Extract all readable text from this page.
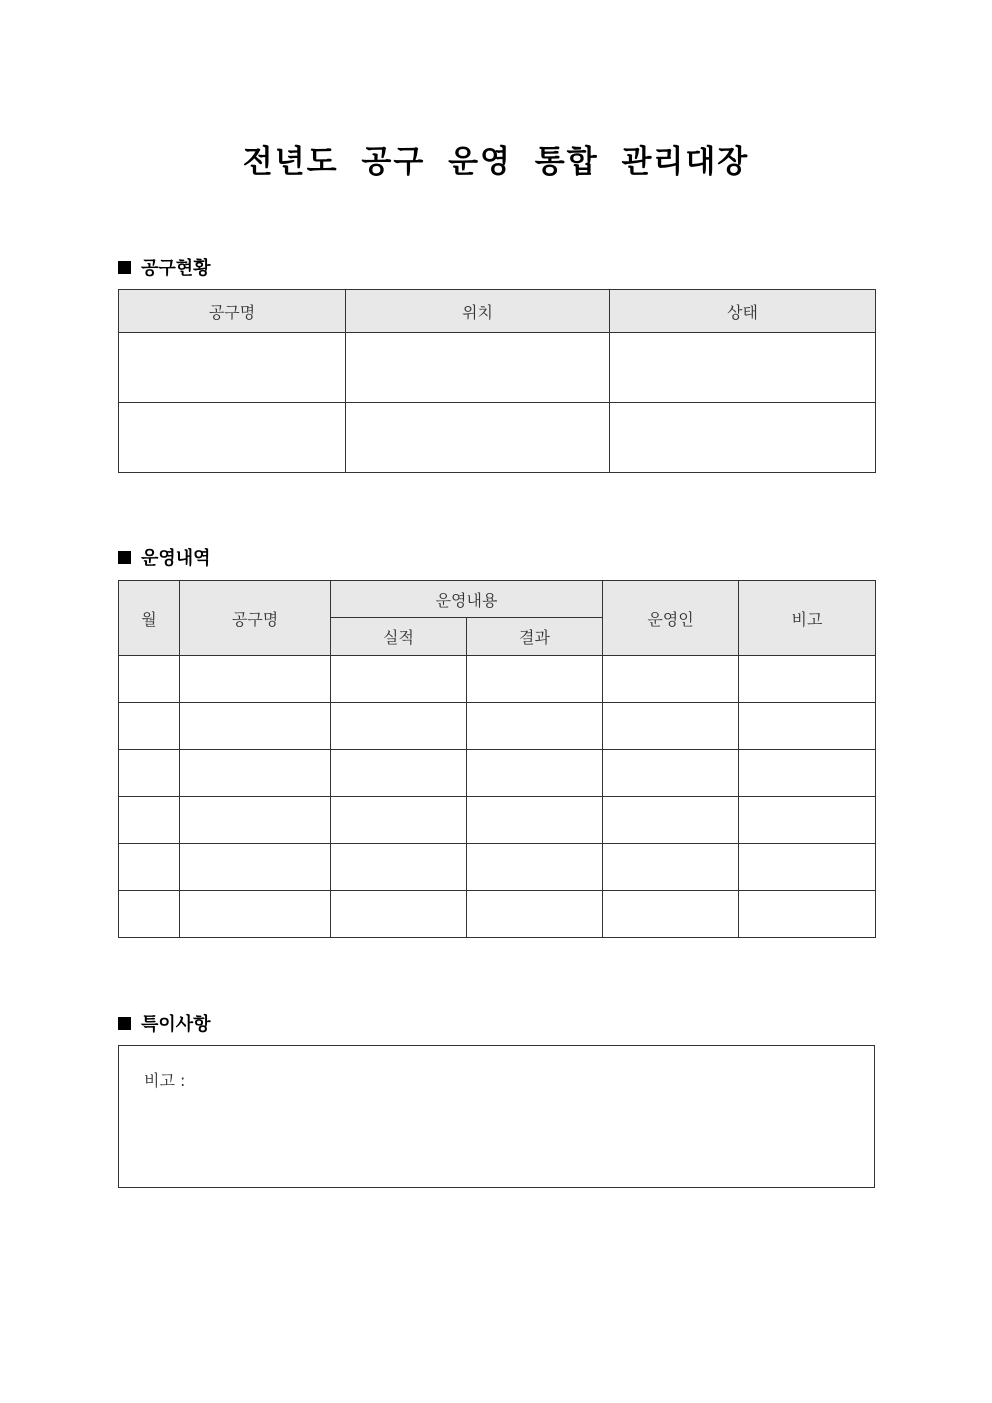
전년도 공구 운영 통합 관리대장
공구현황
공구명	위치	상태

운영내역
월	공구명	운영내용		운영인	비고
		실적	결과		

특이사항
비고 :
